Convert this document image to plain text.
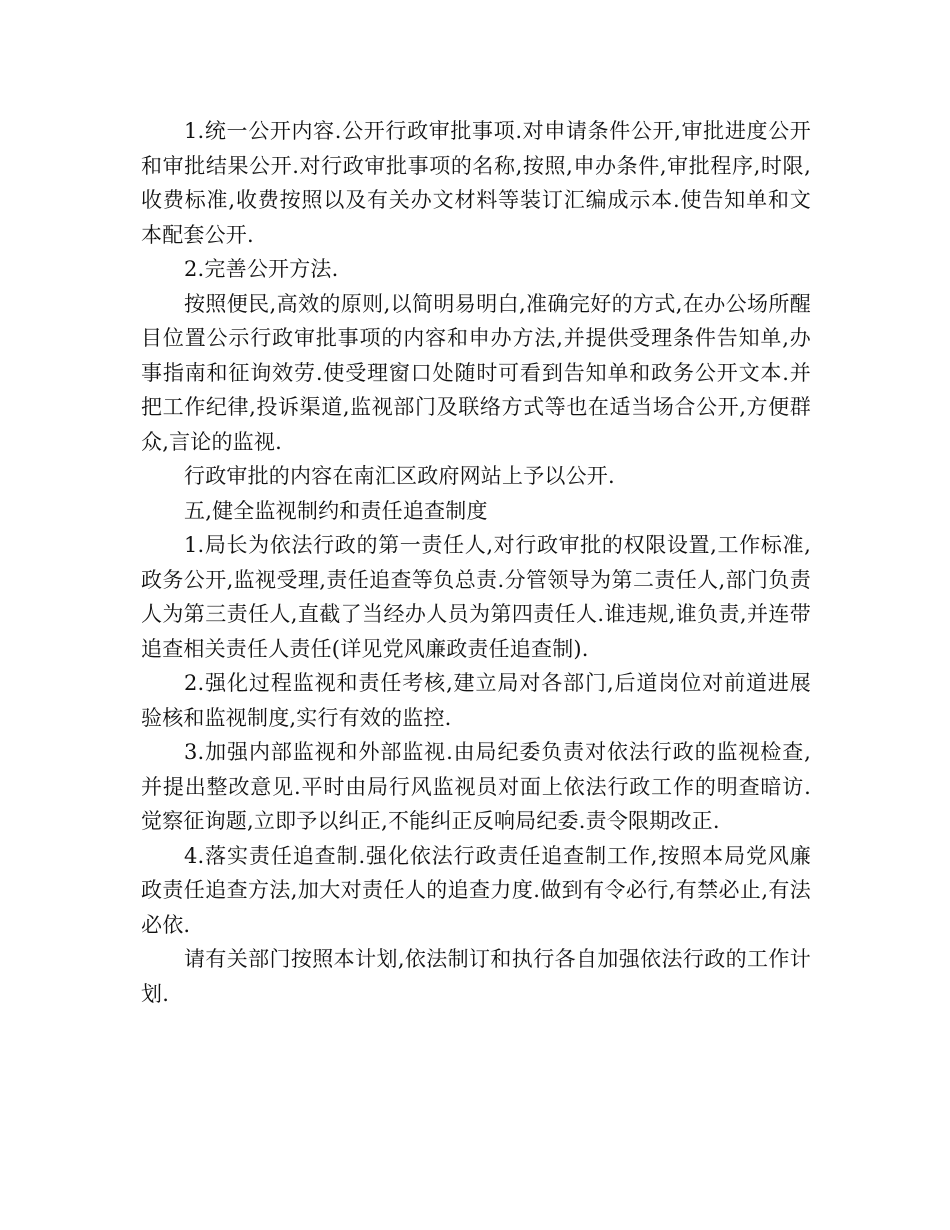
1.统一公开内容.公开行政审批事项.对申请条件公开,审批进度公开和审批结果公开.对行政审批事项的名称,按照,申办条件,审批程序,时限,收费标准,收费按照以及有关办文材料等装订汇编成示本.使告知单和文本配套公开.

2.完善公开方法.

按照便民,高效的原则,以简明易明白,准确完好的方式,在办公场所醒目位置公示行政审批事项的内容和申办方法,并提供受理条件告知单,办事指南和征询效劳.使受理窗口处随时可看到告知单和政务公开文本.并把工作纪律,投诉渠道,监视部门及联络方式等也在适当场合公开,方便群众,言论的监视.

行政审批的内容在南汇区政府网站上予以公开.

五,健全监视制约和责任追查制度

1.局长为依法行政的第一责任人,对行政审批的权限设置,工作标准,政务公开,监视受理,责任追查等负总责.分管领导为第二责任人,部门负责人为第三责任人,直截了当经办人员为第四责任人.谁违规,谁负责,并连带追查相关责任人责任(详见党风廉政责任追查制).

2.强化过程监视和责任考核,建立局对各部门,后道岗位对前道进展验核和监视制度,实行有效的监控.

3.加强内部监视和外部监视.由局纪委负责对依法行政的监视检查,并提出整改意见.平时由局行风监视员对面上依法行政工作的明查暗访.觉察征询题,立即予以纠正,不能纠正反响局纪委.责令限期改正.

4.落实责任追查制.强化依法行政责任追查制工作,按照本局党风廉政责任追查方法,加大对责任人的追查力度.做到有令必行,有禁必止,有法必依.

请有关部门按照本计划,依法制订和执行各自加强依法行政的工作计划.
